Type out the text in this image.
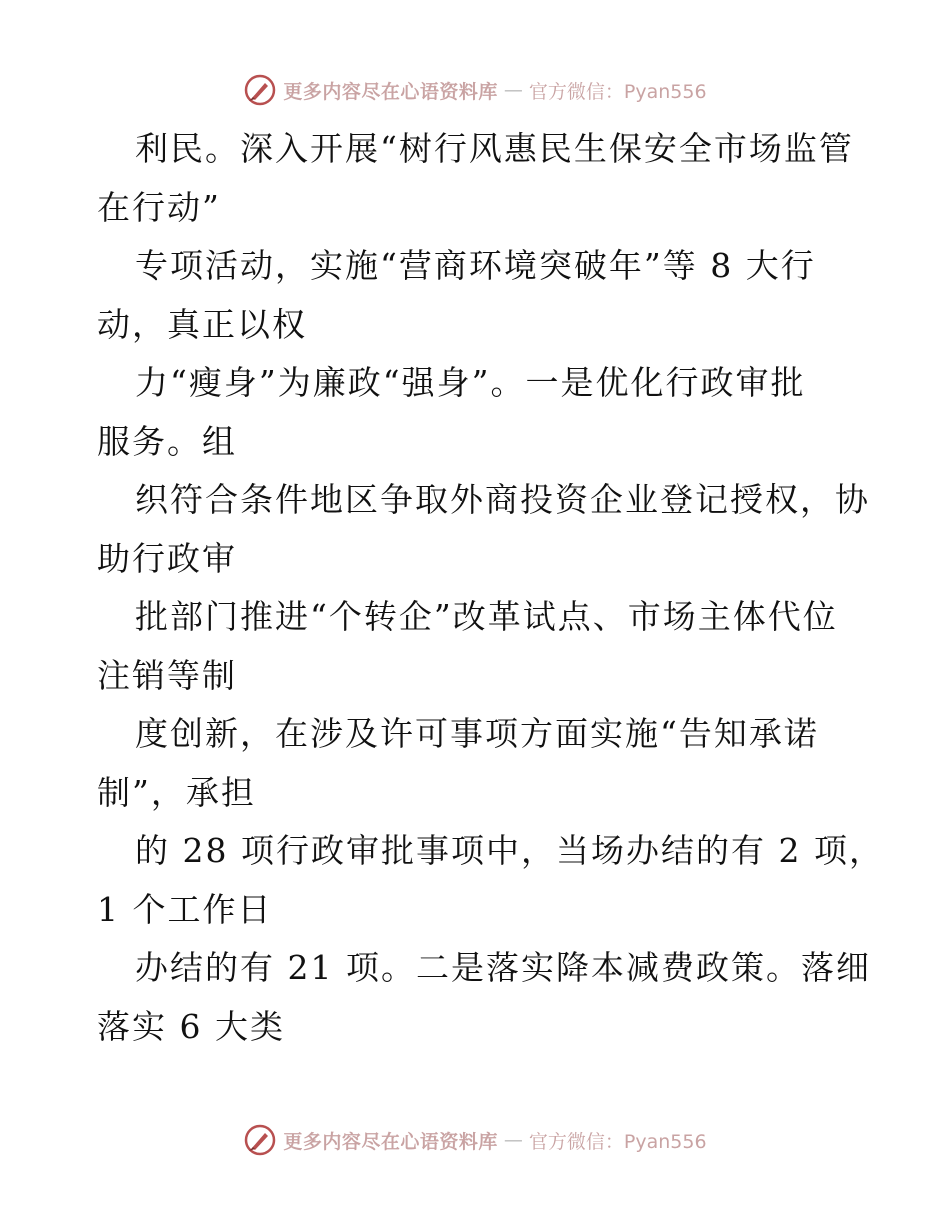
更多内容尽在心语资料库 — 官方微信：Pyan556
利民。深入开展“树行风惠民生保安全市场监管
在行动”
专项活动，实施“营商环境突破年”等 8 大行
动，真正以权
力“瘦身”为廉政“强身”。一是优化行政审批
服务。组
织符合条件地区争取外商投资企业登记授权，协
助行政审
批部门推进“个转企”改革试点、市场主体代位
注销等制
度创新，在涉及许可事项方面实施“告知承诺
制”，承担
的 28 项行政审批事项中，当场办结的有 2 项，
1 个工作日
办结的有 21 项。二是落实降本减费政策。落细
落实 6 大类
更多内容尽在心语资料库 — 官方微信：Pyan556
